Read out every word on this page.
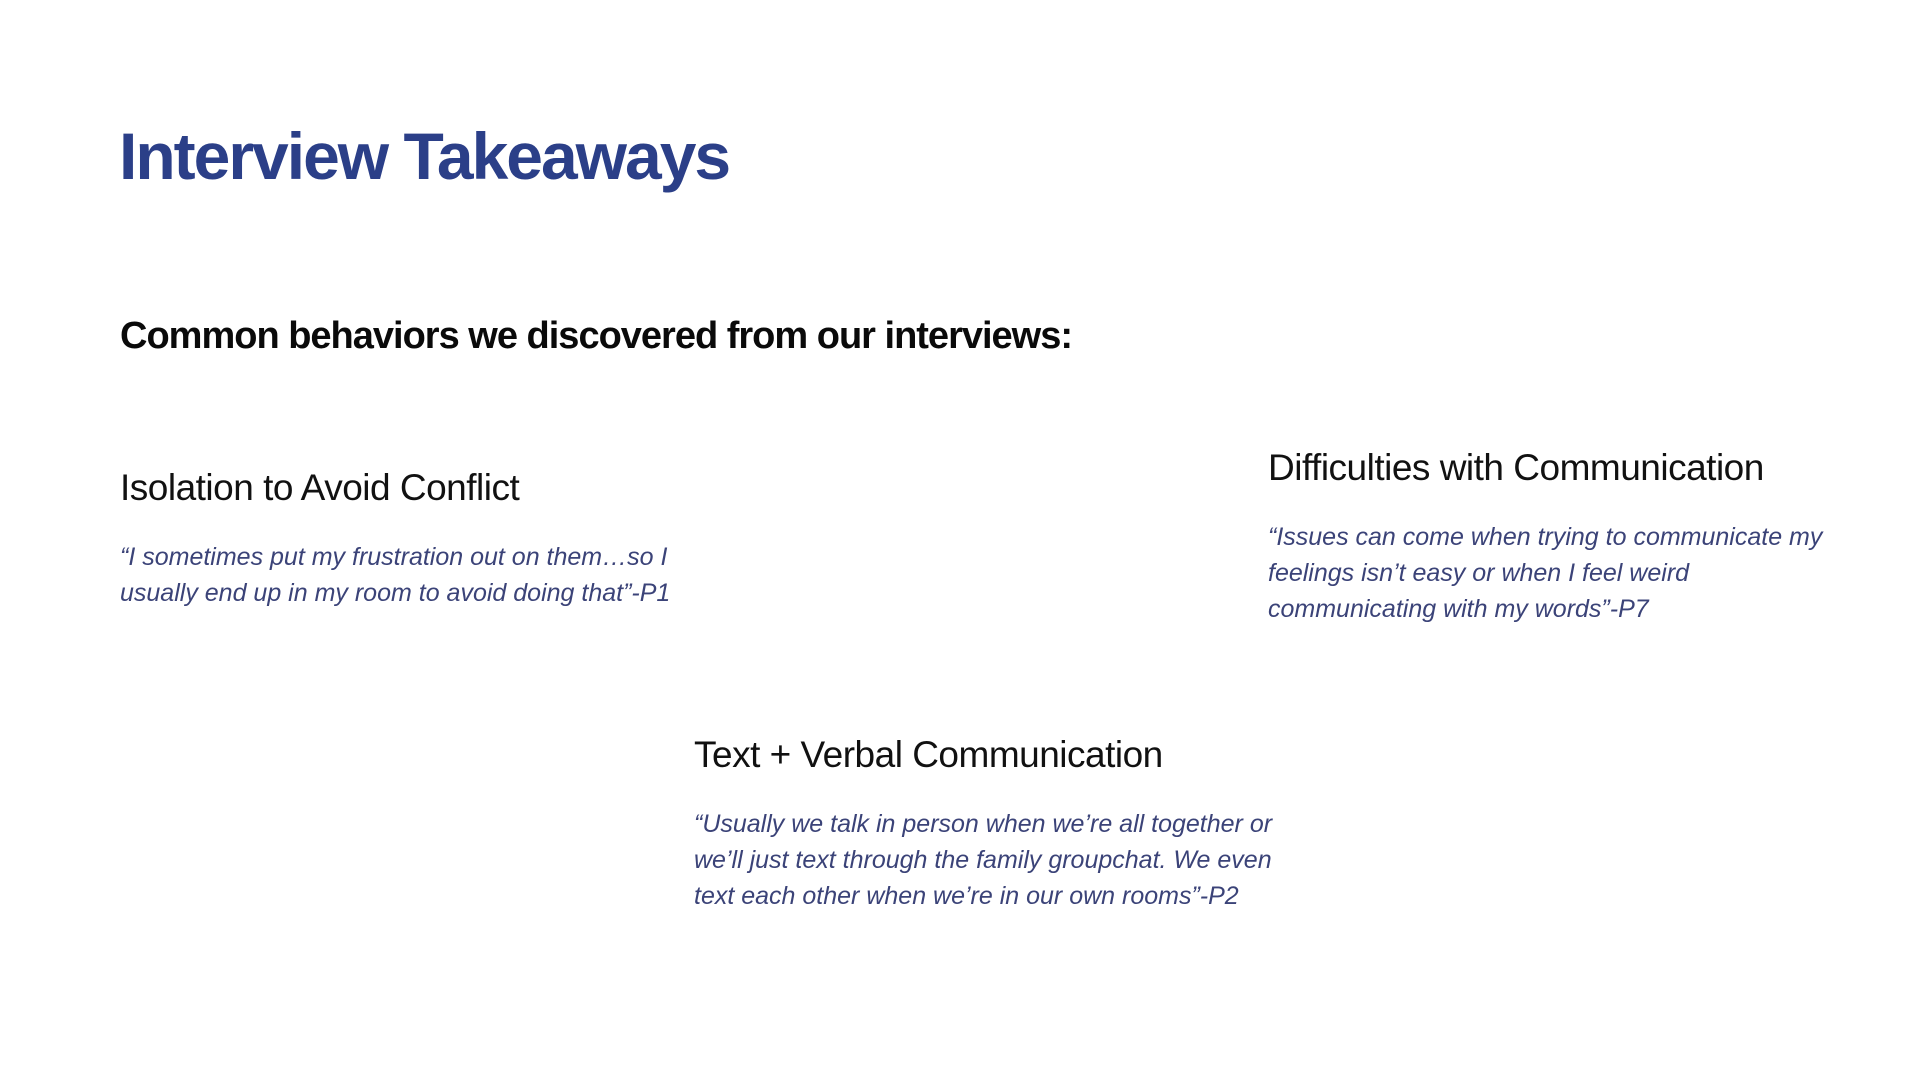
Interview Takeaways
Common behaviors we discovered from our interviews:
Isolation to Avoid Conflict

“I sometimes put my frustration out on them…so I usually end up in my room to avoid doing that”-P1

Difficulties with Communication

“Issues can come when trying to communicate my feelings isn’t easy or when I feel weird communicating with my words”-P7

Text + Verbal Communication

“Usually we talk in person when we’re all together or we’ll just text through the family groupchat. We even text each other when we’re in our own rooms”-P2
